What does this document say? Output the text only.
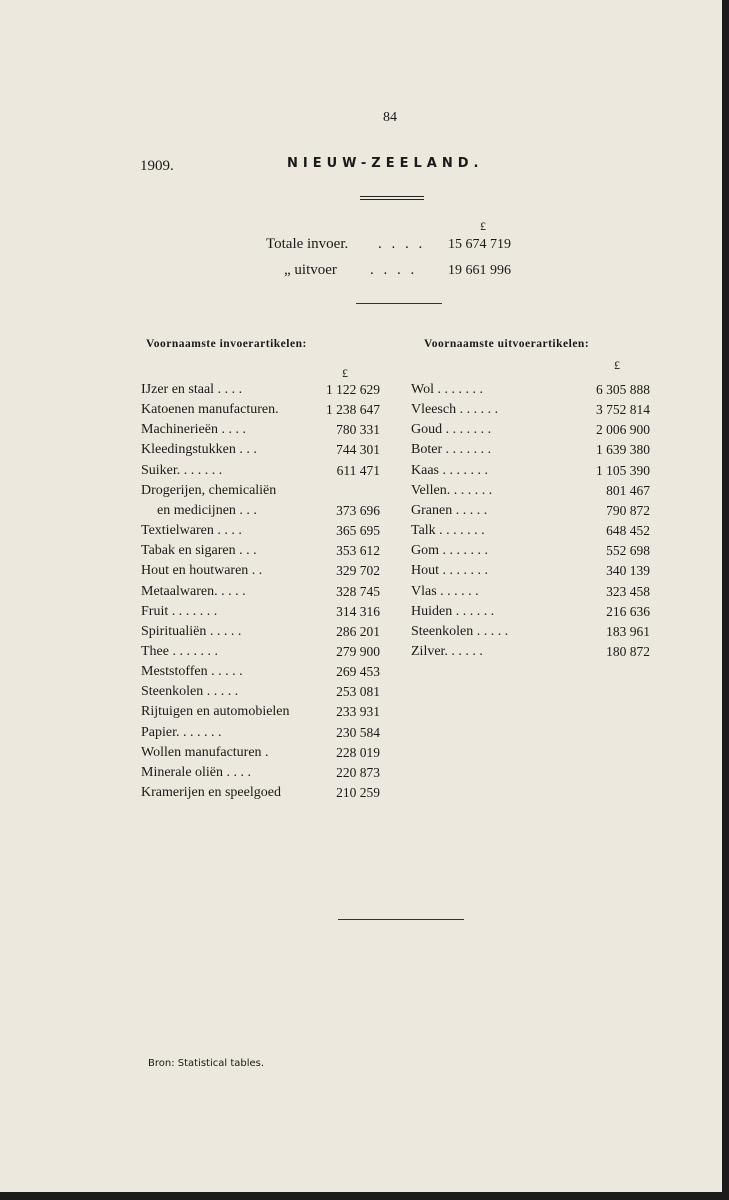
84
1909.	NIEUW-ZEELAND.
£
Totale invoer. . . . . 15 674 719
„ uitvoer . . . . 19 661 996
Voornaamste invoerartikelen:	Voornaamste uitvoerartikelen:
£
£
IJzer en staal . . . .	1 122 629
Katoenen manufacturen.	1 238 647
Machinerieën . . . .	780 331
Kleedingstukken . . .	744 301
Suiker. . . . . . .	611 471
Drogerijen, chemicaliën
en medicijnen . . .	373 696
Textielwaren . . . .	365 695
Tabak en sigaren . . .	353 612
Hout en houtwaren . .	329 702
Metaalwaren. . . . .	328 745
Fruit . . . . . . .	314 316
Spiritualiën . . . . .	286 201
Thee . . . . . . .	279 900
Meststoffen . . . . .	269 453
Steenkolen . . . . .	253 081
Rijtuigen en automobielen	233 931
Papier. . . . . . .	230 584
Wollen manufacturen .	228 019
Minerale oliën . . . .	220 873
Kramerijen en speelgoed	210 259
Wol . . . . . . .	6 305 888
Vleesch . . . . . .	3 752 814
Goud . . . . . . .	2 006 900
Boter . . . . . . .	1 639 380
Kaas . . . . . . .	1 105 390
Vellen. . . . . . .	801 467
Granen . . . . .	790 872
Talk . . . . . . .	648 452
Gom . . . . . . .	552 698
Hout . . . . . . .	340 139
Vlas . . . . . .	323 458
Huiden . . . . . .	216 636
Steenkolen . . . . .	183 961
Zilver. . . . . .	180 872
Bron: Statistical tables.
